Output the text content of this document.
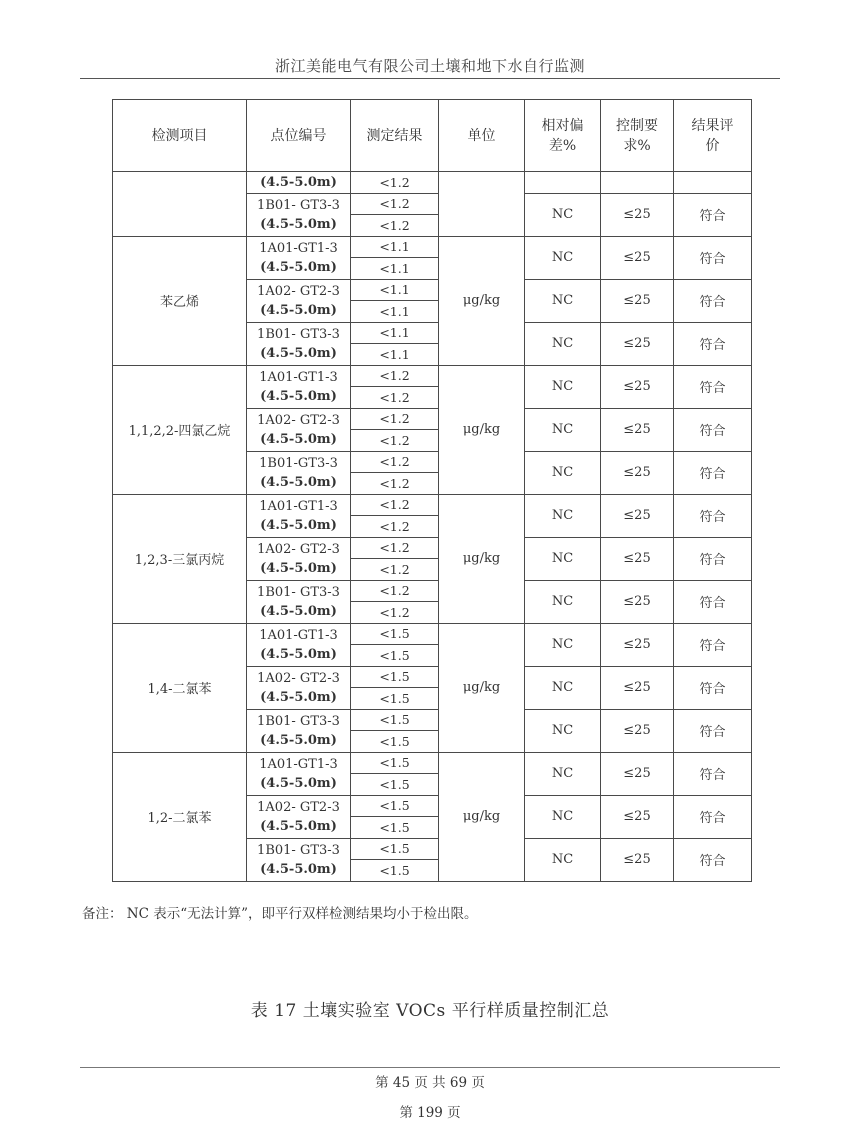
浙江美能电气有限公司土壤和地下水自行监测
检测项目	点位编号	测定结果	单位	相对偏差%	控制要求%	结果评价

	(4.5-5.0m)	<1.2				

	1B01- GT3-3
(4.5-5.0m)	<1.2		NC	≤25	符合
		<1.2				
苯乙烯	1A01-GT1-3
(4.5-5.0m)	<1.1	μg/kg	NC	≤25	符合
		<1.1				

	1A02- GT2-3
(4.5-5.0m)	<1.1		NC	≤25	符合
		<1.1				

	1B01- GT3-3
(4.5-5.0m)	<1.1		NC	≤25	符合
		<1.1				
1,1,2,2-四氯乙烷	1A01-GT1-3
(4.5-5.0m)	<1.2	μg/kg	NC	≤25	符合
		<1.2				

	1A02- GT2-3
(4.5-5.0m)	<1.2		NC	≤25	符合
		<1.2				

	1B01-GT3-3
(4.5-5.0m)	<1.2		NC	≤25	符合
		<1.2				
1,2,3-三氯丙烷	1A01-GT1-3
(4.5-5.0m)	<1.2	μg/kg	NC	≤25	符合
		<1.2				

	1A02- GT2-3
(4.5-5.0m)	<1.2		NC	≤25	符合
		<1.2				

	1B01- GT3-3
(4.5-5.0m)	<1.2		NC	≤25	符合
		<1.2				
1,4-二氯苯	1A01-GT1-3
(4.5-5.0m)	<1.5	μg/kg	NC	≤25	符合
		<1.5				

	1A02- GT2-3
(4.5-5.0m)	<1.5		NC	≤25	符合
		<1.5				

	1B01- GT3-3
(4.5-5.0m)	<1.5		NC	≤25	符合
		<1.5				
1,2-二氯苯	1A01-GT1-3
(4.5-5.0m)	<1.5	μg/kg	NC	≤25	符合
		<1.5				

	1A02- GT2-3
(4.5-5.0m)	<1.5		NC	≤25	符合
		<1.5				

	1B01- GT3-3
(4.5-5.0m)	<1.5		NC	≤25	符合
		<1.5				
备注： NC 表示“无法计算”，即平行双样检测结果均小于检出限。
表 17 土壤实验室 VOCs 平行样质量控制汇总
第 45 页 共 69 页
第 199 页
